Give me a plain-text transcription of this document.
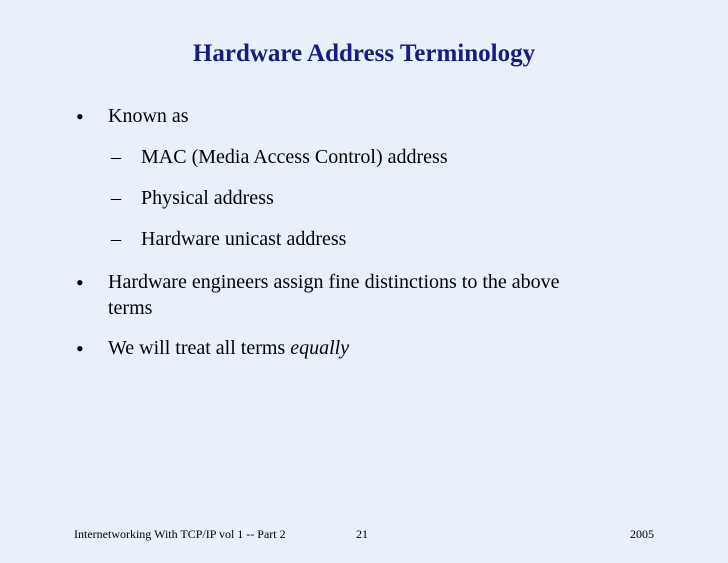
Hardware Address Terminology
• Known as
– MAC (Media Access Control) address
– Physical address
– Hardware unicast address
• Hardware engineers assign fine distinctions to the above
terms
• We will treat all terms equally
Internetworking With TCP/IP vol 1 -- Part 2	21	2005
